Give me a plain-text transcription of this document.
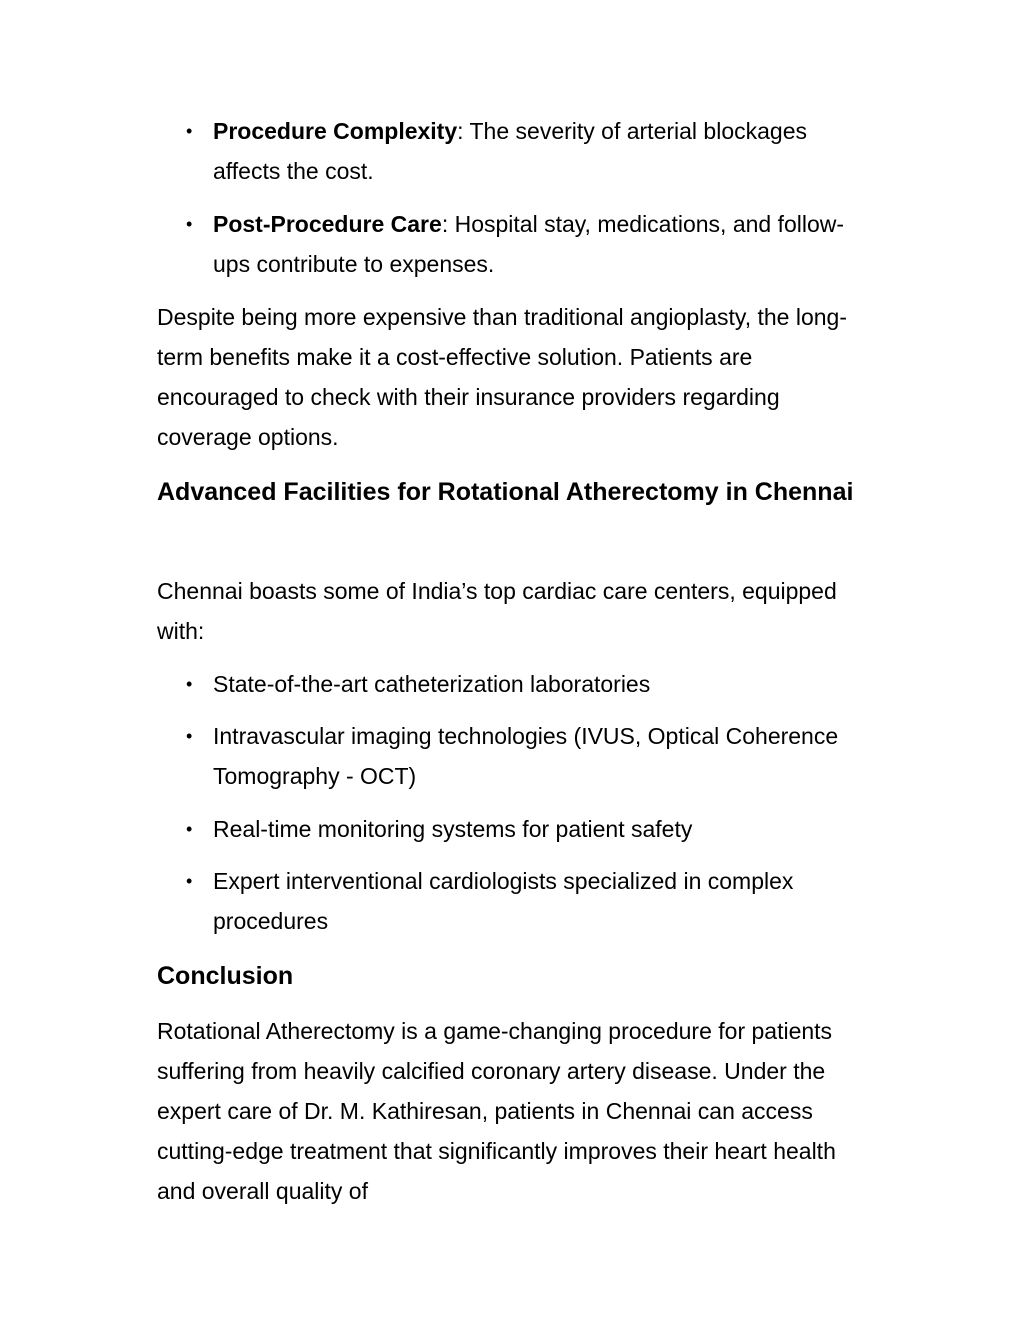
• Procedure Complexity: The severity of arterial blockages affects the cost.
• Post-Procedure Care: Hospital stay, medications, and follow-ups contribute to expenses.

Despite being more expensive than traditional angioplasty, the long-term benefits make it a cost-effective solution. Patients are encouraged to check with their insurance providers regarding coverage options.

Advanced Facilities for Rotational Atherectomy in Chennai

Chennai boasts some of India’s top cardiac care centers, equipped with:

• State-of-the-art catheterization laboratories
• Intravascular imaging technologies (IVUS, Optical Coherence Tomography - OCT)
• Real-time monitoring systems for patient safety
• Expert interventional cardiologists specialized in complex procedures
Conclusion

Rotational Atherectomy is a game-changing procedure for patients suffering from heavily calcified coronary artery disease. Under the expert care of Dr. M. Kathiresan, patients in Chennai can access cutting-edge treatment that significantly improves their heart health and overall quality of
